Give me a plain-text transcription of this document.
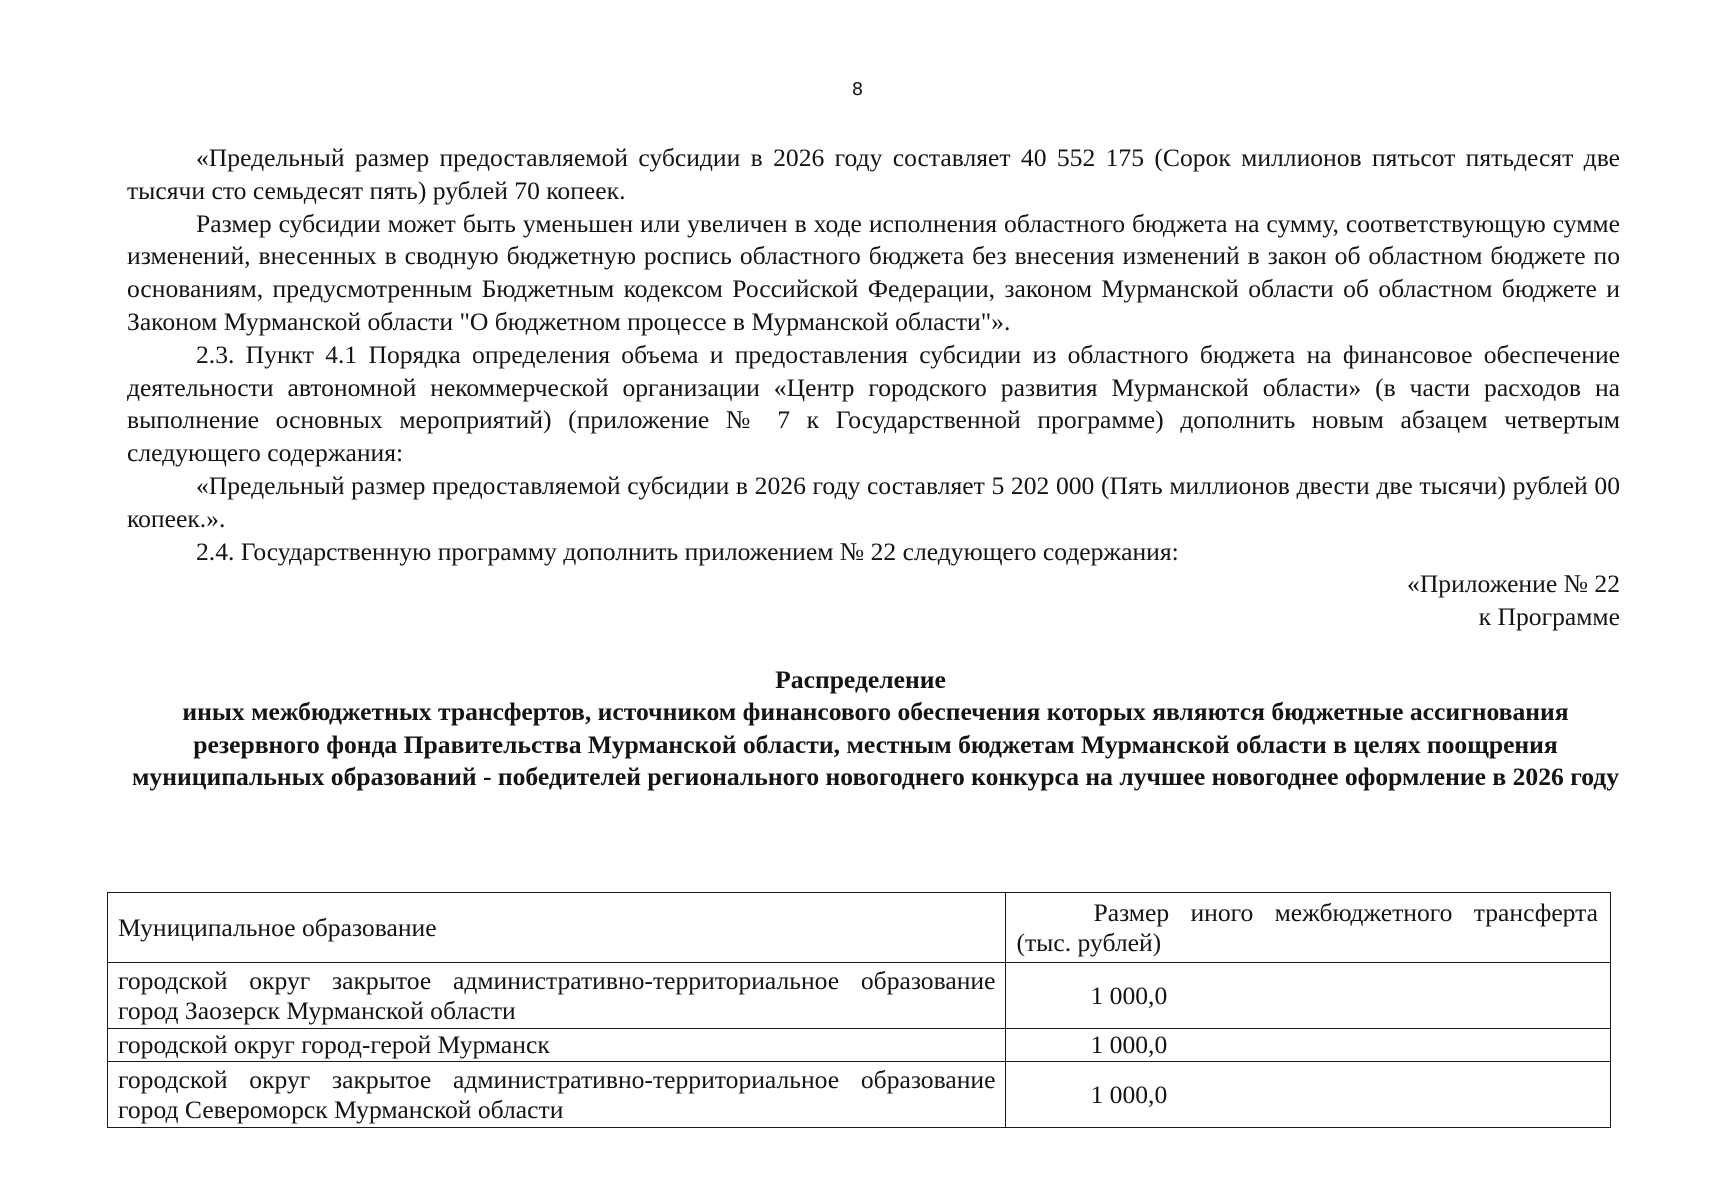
8

«Предельный размер предоставляемой субсидии в 2026 году составляет 40 552 175 (Сорок миллионов пятьсот пятьдесят две тысячи сто семьдесят пять) рублей 70 копеек.

Размер субсидии может быть уменьшен или увеличен в ходе исполнения областного бюджета на сумму, соответствующую сумме изменений, внесенных в сводную бюджетную роспись областного бюджета без внесения изменений в закон об областном бюджете по основаниям, предусмотренным Бюджетным кодексом Российской Федерации, законом Мурманской области об областном бюджете и Законом Мурманской области "О бюджетном процессе в Мурманской области"».

2.3. Пункт 4.1 Порядка определения объема и предоставления субсидии из областного бюджета на финансовое обеспечение деятельности автономной некоммерческой организации «Центр городского развития Мурманской области» (в части расходов на выполнение основных мероприятий) (приложение № 7 к Государственной программе) дополнить новым абзацем четвертым следующего содержания:

«Предельный размер предоставляемой субсидии в 2026 году составляет 5 202 000 (Пять миллионов двести две тысячи) рублей 00 копеек.».

2.4. Государственную программу дополнить приложением № 22 следующего содержания:

«Приложение № 22
к Программе
Распределение
иных межбюджетных трансфертов, источником финансового обеспечения которых являются бюджетные ассигнования резервного фонда Правительства Мурманской области, местным бюджетам Мурманской области в целях поощрения муниципальных образований - победителей регионального новогоднего конкурса на лучшее новогоднее оформление в 2026 году
Муниципальное образование	Размер иного межбюджетного трансферта (тыс. рублей)
городской округ закрытое административно-территориальное образование город Заозерск Мурманской области	1 000,0
городской округ город-герой Мурманск	1 000,0
городской округ закрытое административно-территориальное образование город Североморск Мурманской области	1 000,0
